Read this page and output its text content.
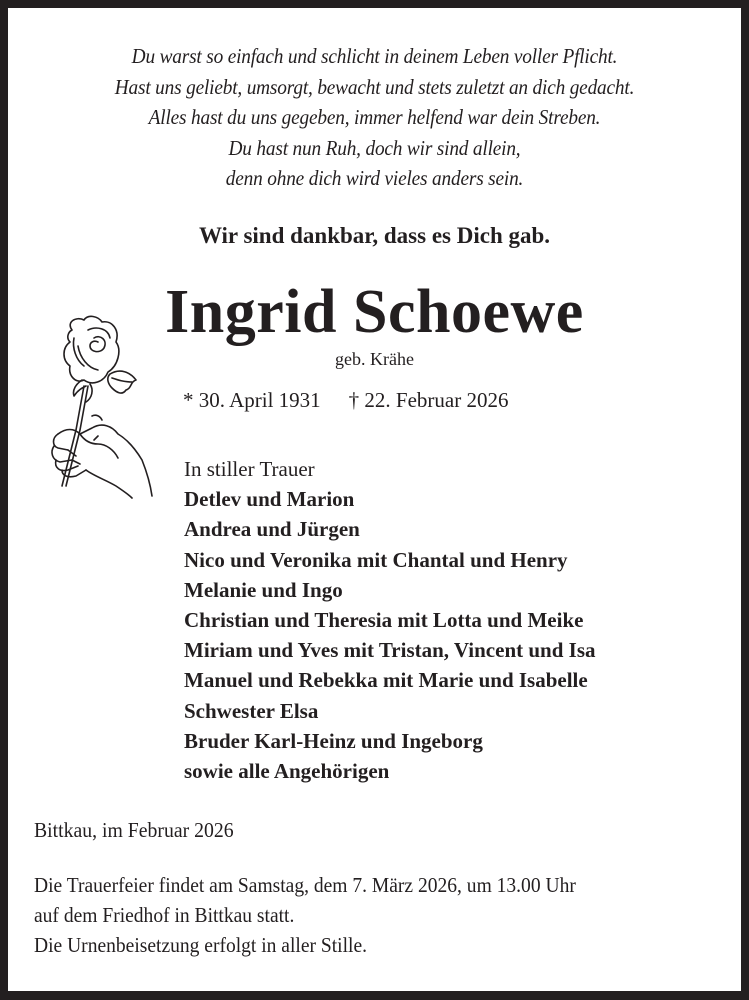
Du warst so einfach und schlicht in deinem Leben voller Pflicht.
Hast uns geliebt, umsorgt, bewacht und stets zuletzt an dich gedacht.
Alles hast du uns gegeben, immer helfend war dein Streben.
Du hast nun Ruh, doch wir sind allein,
denn ohne dich wird vieles anders sein.
Wir sind dankbar, dass es Dich gab.
Ingrid Schoewe
geb. Krähe
* 30. April 1931 † 22. Februar 2026
In stiller Trauer
Detlev und Marion
Andrea und Jürgen
Nico und Veronika mit Chantal und Henry
Melanie und Ingo
Christian und Theresia mit Lotta und Meike
Miriam und Yves mit Tristan, Vincent und Isa
Manuel und Rebekka mit Marie und Isabelle
Schwester Elsa
Bruder Karl-Heinz und Ingeborg
sowie alle Angehörigen
Bittkau, im Februar 2026
Die Trauerfeier findet am Samstag, dem 7. März 2026, um 13.00 Uhr
auf dem Friedhof in Bittkau statt.
Die Urnenbeisetzung erfolgt in aller Stille.
